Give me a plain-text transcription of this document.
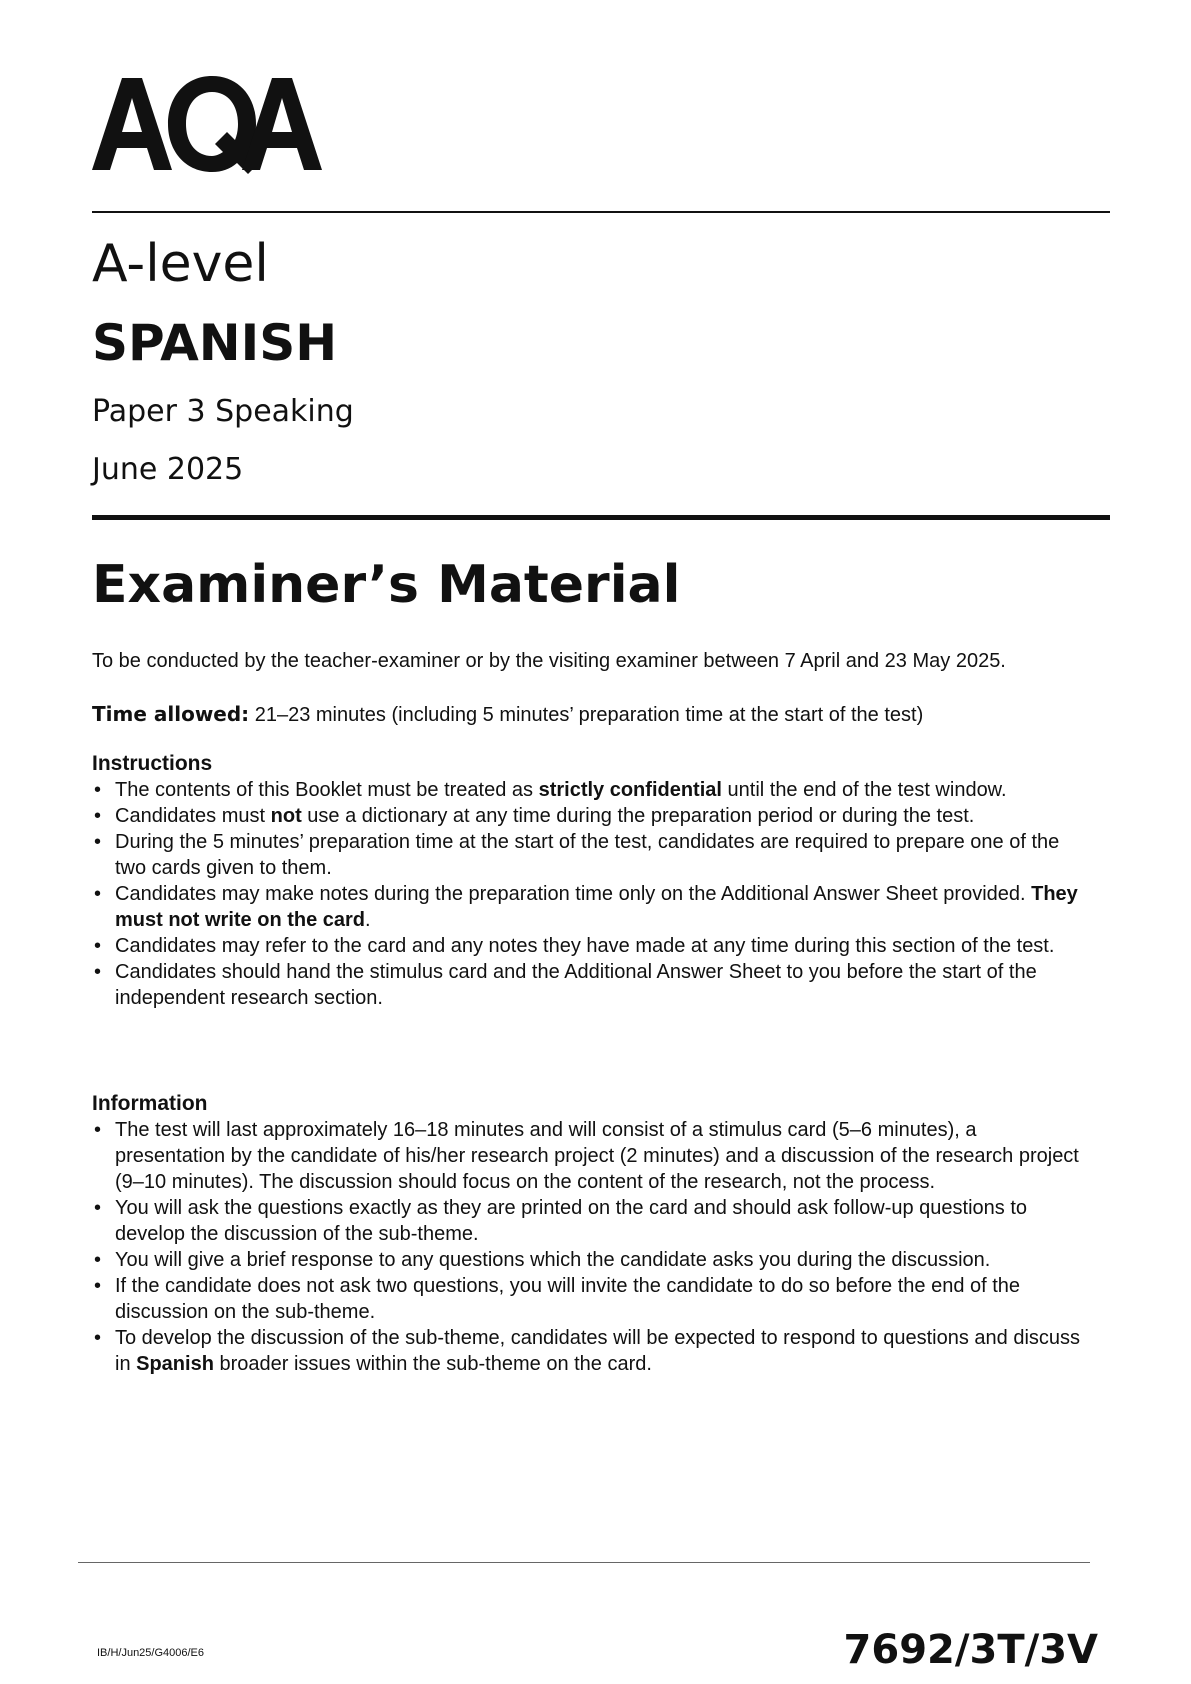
A-level
SPANISH
Paper 3 Speaking
June 2025
Examiner’s Material
To be conducted by the teacher-examiner or by the visiting examiner between 7 April and 23 May 2025.
Time allowed: 21–23 minutes (including 5 minutes’ preparation time at the start of the test)
Instructions
• The contents of this Booklet must be treated as strictly confidential until the end of the test window.
• Candidates must not use a dictionary at any time during the preparation period or during the test.
• During the 5 minutes’ preparation time at the start of the test, candidates are required to prepare one of the two cards given to them.
• Candidates may make notes during the preparation time only on the Additional Answer Sheet provided. They must not write on the card.
• Candidates may refer to the card and any notes they have made at any time during this section of the test.
• Candidates should hand the stimulus card and the Additional Answer Sheet to you before the start of the independent research section.
Information
• The test will last approximately 16–18 minutes and will consist of a stimulus card (5–6 minutes), a presentation by the candidate of his/her research project (2 minutes) and a discussion of the research project (9–10 minutes). The discussion should focus on the content of the research, not the process.
• You will ask the questions exactly as they are printed on the card and should ask follow-up questions to develop the discussion of the sub-theme.
• You will give a brief response to any questions which the candidate asks you during the discussion.
• If the candidate does not ask two questions, you will invite the candidate to do so before the end of the discussion on the sub-theme.
• To develop the discussion of the sub-theme, candidates will be expected to respond to questions and discuss in Spanish broader issues within the sub-theme on the card.
IB/H/Jun25/G4006/E6	7692/3T/3V
